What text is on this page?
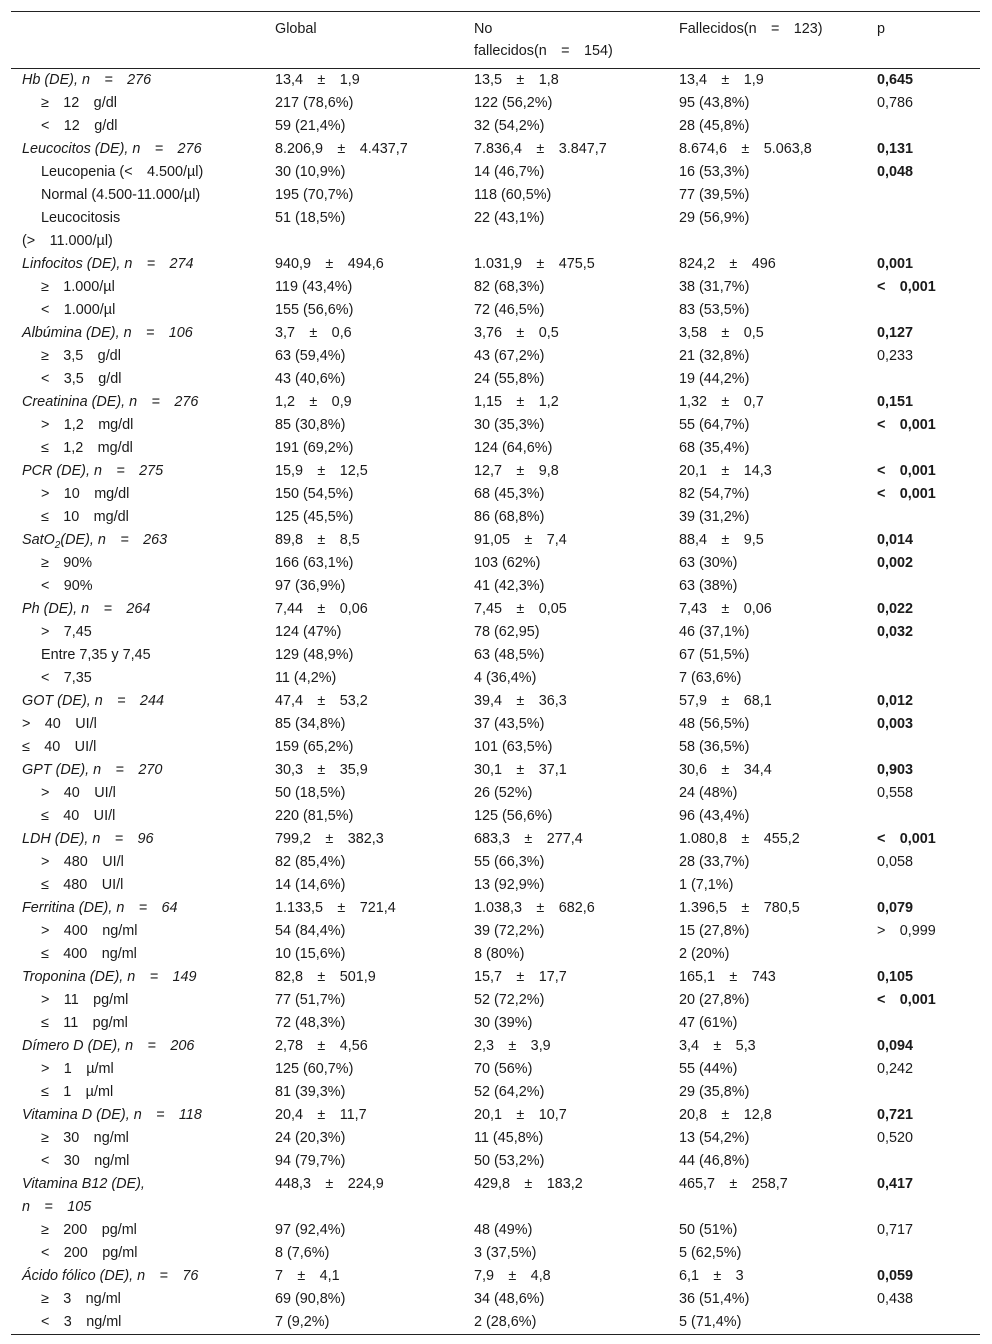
	Global	No
fallecidos(n = 154)	Fallecidos(n = 123)	p
Hb (DE), n = 276	13,4 ± 1,9	13,5 ± 1,8	13,4 ± 1,9	0,645
≥ 12 g/dl	217 (78,6%)	122 (56,2%)	95 (43,8%)	0,786
< 12 g/dl	59 (21,4%)	32 (54,2%)	28 (45,8%)	
Leucocitos (DE), n = 276	8.206,9 ± 4.437,7	7.836,4 ± 3.847,7	8.674,6 ± 5.063,8	0,131
Leucopenia (< 4.500/µl)	30 (10,9%)	14 (46,7%)	16 (53,3%)	0,048
Normal (4.500-11.000/µl)	195 (70,7%)	118 (60,5%)	77 (39,5%)	
Leucocitosis
(> 11.000/µl)	51 (18,5%)	22 (43,1%)	29 (56,9%)	
Linfocitos (DE), n = 274	940,9 ± 494,6	1.031,9 ± 475,5	824,2 ± 496	0,001
≥ 1.000/µl	119 (43,4%)	82 (68,3%)	38 (31,7%)	< 0,001
< 1.000/µl	155 (56,6%)	72 (46,5%)	83 (53,5%)	
Albúmina (DE), n = 106	3,7 ± 0,6	3,76 ± 0,5	3,58 ± 0,5	0,127
≥ 3,5 g/dl	63 (59,4%)	43 (67,2%)	21 (32,8%)	0,233
< 3,5 g/dl	43 (40,6%)	24 (55,8%)	19 (44,2%)	
Creatinina (DE), n = 276	1,2 ± 0,9	1,15 ± 1,2	1,32 ± 0,7	0,151
> 1,2 mg/dl	85 (30,8%)	30 (35,3%)	55 (64,7%)	< 0,001
≤ 1,2 mg/dl	191 (69,2%)	124 (64,6%)	68 (35,4%)	
PCR (DE), n = 275	15,9 ± 12,5	12,7 ± 9,8	20,1 ± 14,3	< 0,001
> 10 mg/dl	150 (54,5%)	68 (45,3%)	82 (54,7%)	< 0,001
≤ 10 mg/dl	125 (45,5%)	86 (68,8%)	39 (31,2%)	
SatO$_2$(DE), n = 263	89,8 ± 8,5	91,05 ± 7,4	88,4 ± 9,5	0,014
≥ 90%	166 (63,1%)	103 (62%)	63 (30%)	0,002
< 90%	97 (36,9%)	41 (42,3%)	63 (38%)	
Ph (DE), n = 264	7,44 ± 0,06	7,45 ± 0,05	7,43 ± 0,06	0,022
> 7,45	124 (47%)	78 (62,95)	46 (37,1%)	0,032
Entre 7,35 y 7,45	129 (48,9%)	63 (48,5%)	67 (51,5%)	
< 7,35	11 (4,2%)	4 (36,4%)	7 (63,6%)	
GOT (DE), n = 244	47,4 ± 53,2	39,4 ± 36,3	57,9 ± 68,1	0,012
> 40 UI/l	85 (34,8%)	37 (43,5%)	48 (56,5%)	0,003
≤ 40 UI/l	159 (65,2%)	101 (63,5%)	58 (36,5%)	
GPT (DE), n = 270	30,3 ± 35,9	30,1 ± 37,1	30,6 ± 34,4	0,903
> 40 UI/l	50 (18,5%)	26 (52%)	24 (48%)	0,558
≤ 40 UI/l	220 (81,5%)	125 (56,6%)	96 (43,4%)	
LDH (DE), n = 96	799,2 ± 382,3	683,3 ± 277,4	1.080,8 ± 455,2	< 0,001
> 480 UI/l	82 (85,4%)	55 (66,3%)	28 (33,7%)	0,058
≤ 480 UI/l	14 (14,6%)	13 (92,9%)	1 (7,1%)	
Ferritina (DE), n = 64	1.133,5 ± 721,4	1.038,3 ± 682,6	1.396,5 ± 780,5	0,079
> 400 ng/ml	54 (84,4%)	39 (72,2%)	15 (27,8%)	> 0,999
≤ 400 ng/ml	10 (15,6%)	8 (80%)	2 (20%)	
Troponina (DE), n = 149	82,8 ± 501,9	15,7 ± 17,7	165,1 ± 743	0,105
> 11 pg/ml	77 (51,7%)	52 (72,2%)	20 (27,8%)	< 0,001
≤ 11 pg/ml	72 (48,3%)	30 (39%)	47 (61%)	
Dímero D (DE), n = 206	2,78 ± 4,56	2,3 ± 3,9	3,4 ± 5,3	0,094
> 1 µ/ml	125 (60,7%)	70 (56%)	55 (44%)	0,242
≤ 1 µ/ml	81 (39,3%)	52 (64,2%)	29 (35,8%)	
Vitamina D (DE), n = 118	20,4 ± 11,7	20,1 ± 10,7	20,8 ± 12,8	0,721
≥ 30 ng/ml	24 (20,3%)	11 (45,8%)	13 (54,2%)	0,520
< 30 ng/ml	94 (79,7%)	50 (53,2%)	44 (46,8%)	
Vitamina B12 (DE),
n = 105	448,3 ± 224,9	429,8 ± 183,2	465,7 ± 258,7	0,417
≥ 200 pg/ml	97 (92,4%)	48 (49%)	50 (51%)	0,717
< 200 pg/ml	8 (7,6%)	3 (37,5%)	5 (62,5%)	
Ácido fólico (DE), n = 76	7 ± 4,1	7,9 ± 4,8	6,1 ± 3	0,059
≥ 3 ng/ml	69 (90,8%)	34 (48,6%)	36 (51,4%)	0,438
< 3 ng/ml	7 (9,2%)	2 (28,6%)	5 (71,4%)	
